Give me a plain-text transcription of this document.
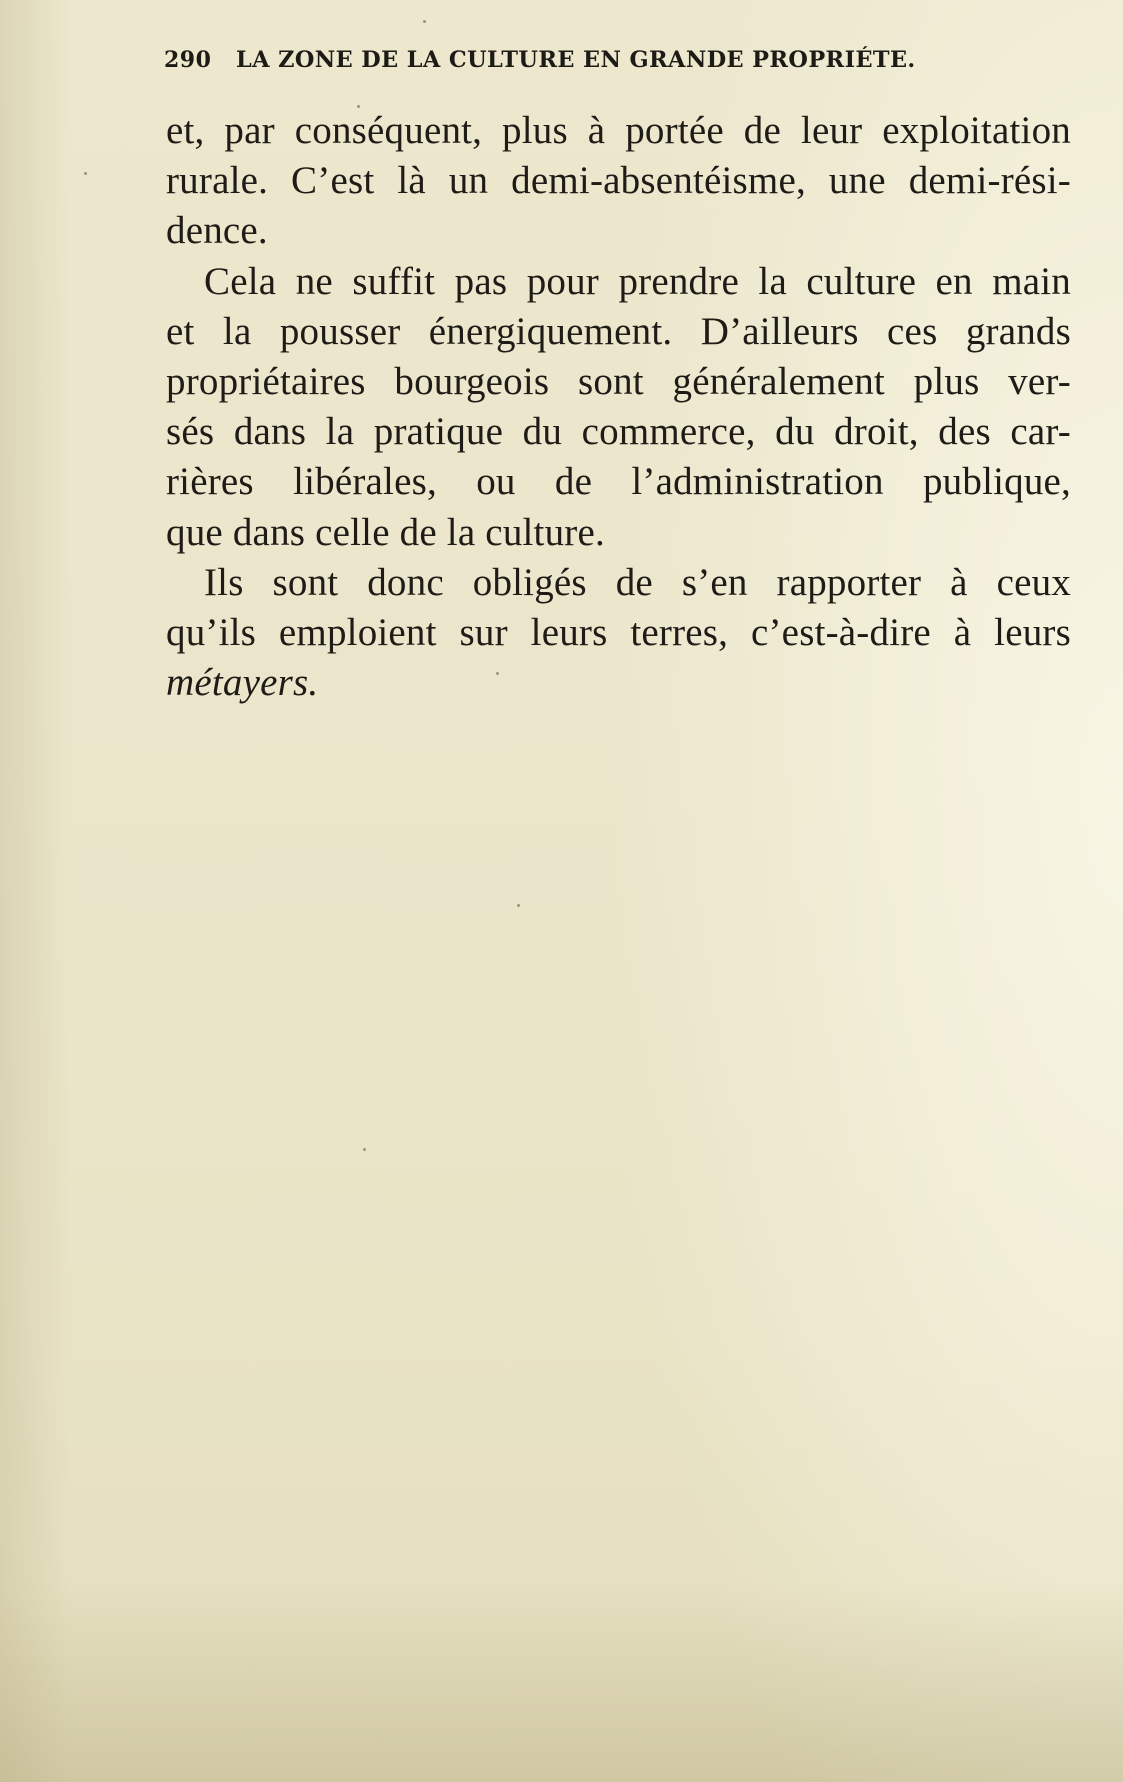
290 LA ZONE DE LA CULTURE EN GRANDE PROPRIÉTE.
et, par conséquent, plus à portée de leur exploitation
rurale. C’est là un demi-absentéisme, une demi-rési-
dence.
Cela ne suffit pas pour prendre la culture en main
et la pousser énergiquement. D’ailleurs ces grands
propriétaires bourgeois sont généralement plus ver-
sés dans la pratique du commerce, du droit, des car-
rières libérales, ou de l’administration publique,
que dans celle de la culture.
Ils sont donc obligés de s’en rapporter à ceux
qu’ils emploient sur leurs terres, c’est-à-dire à leurs
métayers.
